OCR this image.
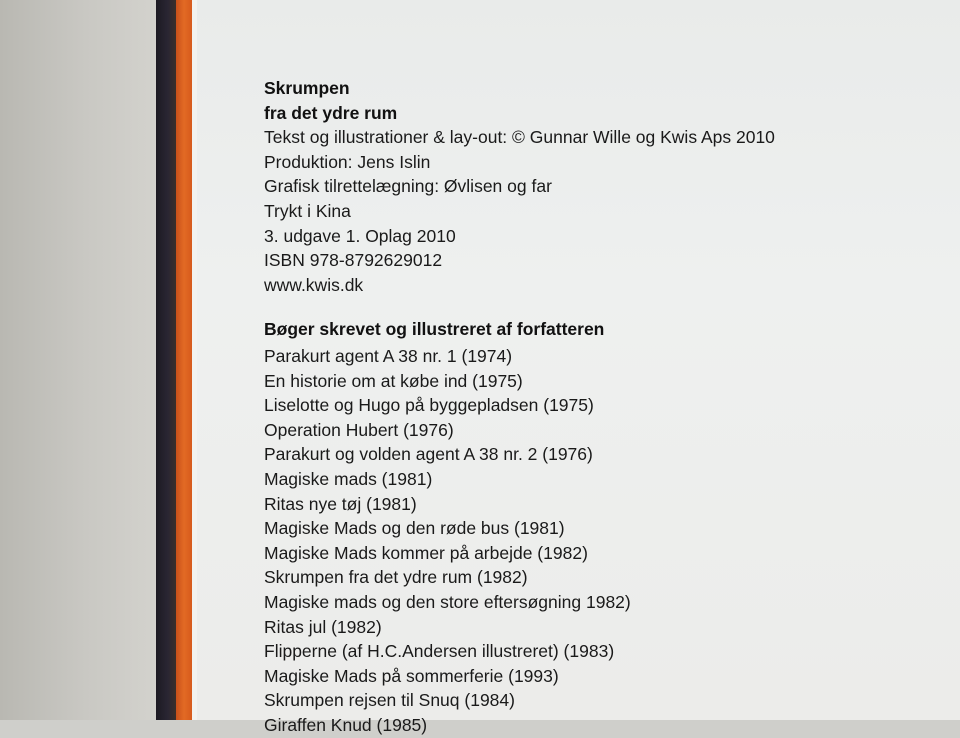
Skrumpen
fra det ydre rum
Tekst og illustrationer & lay-out: © Gunnar Wille og Kwis Aps 2010
Produktion: Jens Islin
Grafisk tilrettelægning: Øvlisen og far
Trykt i Kina
3. udgave 1. Oplag 2010
ISBN 978-8792629012
www.kwis.dk
Bøger skrevet og illustreret af forfatteren
Parakurt agent A 38 nr. 1 (1974)
En historie om at købe ind (1975)
Liselotte og Hugo på byggepladsen (1975)
Operation Hubert (1976)
Parakurt og volden agent A 38 nr. 2 (1976)
Magiske mads (1981)
Ritas nye tøj (1981)
Magiske Mads og den røde bus (1981)
Magiske Mads kommer på arbejde (1982)
Skrumpen fra det ydre rum (1982)
Magiske mads og den store eftersøgning 1982)
Ritas jul (1982)
Flipperne (af H.C.Andersen illustreret) (1983)
Magiske Mads på sommerferie (1993)
Skrumpen rejsen til Snuq (1984)
Giraffen Knud (1985)
